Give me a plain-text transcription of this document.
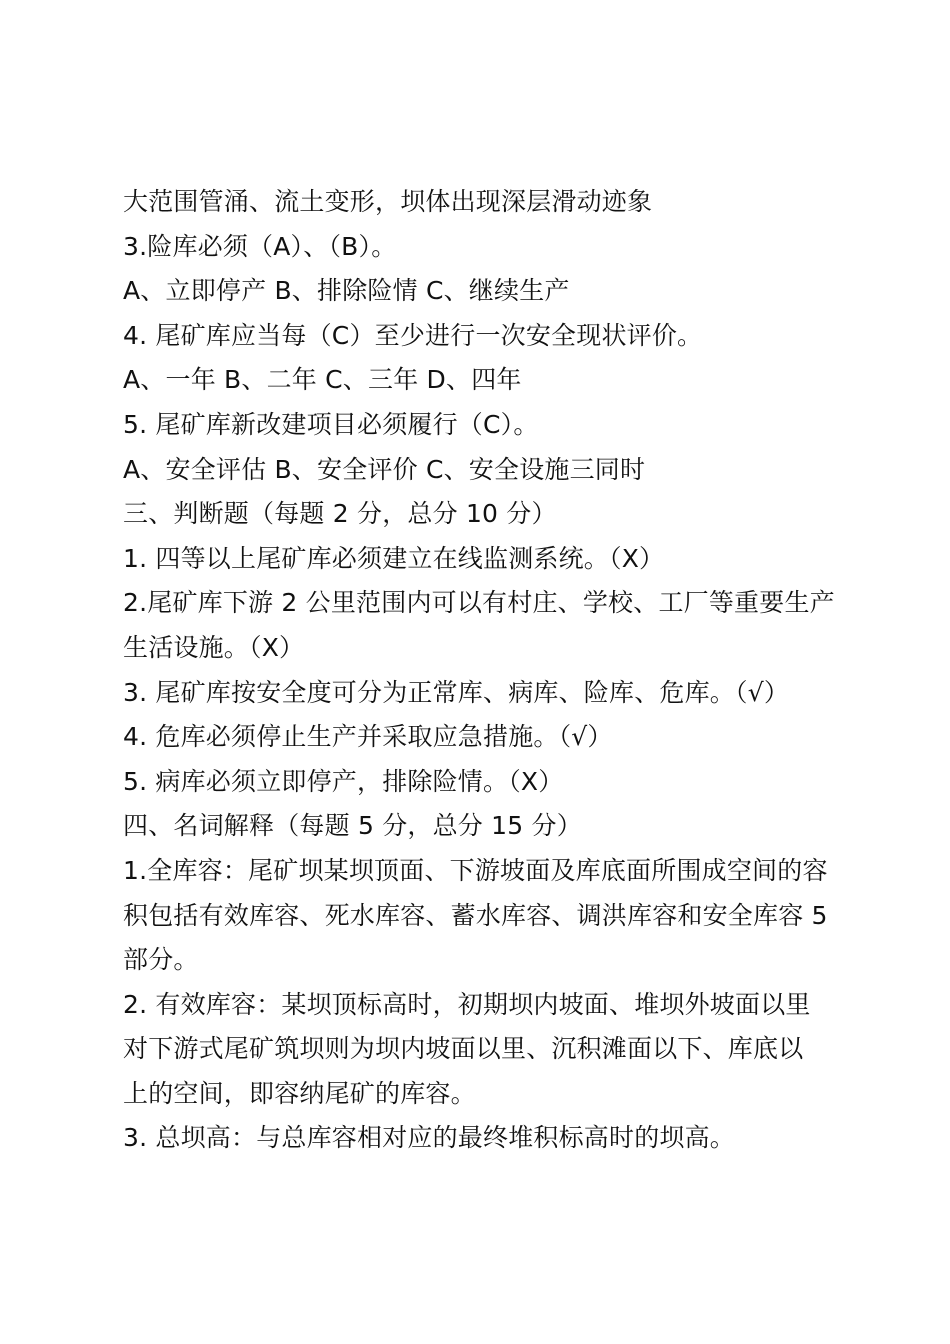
大范围管涌、流土变形，坝体出现深层滑动迹象
3.险库必须（A）、（B）。
A、立即停产 B、排除险情 C、继续生产
4. 尾矿库应当每（C）至少进行一次安全现状评价。
A、一年 B、二年 C、三年 D、四年
5. 尾矿库新改建项目必须履行（C）。
A、安全评估 B、安全评价 C、安全设施三同时
三、判断题（每题 2 分，总分 10 分）
1. 四等以上尾矿库必须建立在线监测系统。（X）
2.尾矿库下游 2 公里范围内可以有村庄、学校、工厂等重要生产
生活设施。（X）
3. 尾矿库按安全度可分为正常库、病库、险库、危库。（√）
4. 危库必须停止生产并采取应急措施。（√）
5. 病库必须立即停产，排除险情。（X）
四、名词解释（每题 5 分，总分 15 分）
1.全库容：尾矿坝某坝顶面、下游坡面及库底面所围成空间的容
积包括有效库容、死水库容、蓄水库容、调洪库容和安全库容 5
部分。
2. 有效库容：某坝顶标高时，初期坝内坡面、堆坝外坡面以里
对下游式尾矿筑坝则为坝内坡面以里、沉积滩面以下、库底以
上的空间，即容纳尾矿的库容。
3. 总坝高：与总库容相对应的最终堆积标高时的坝高。
